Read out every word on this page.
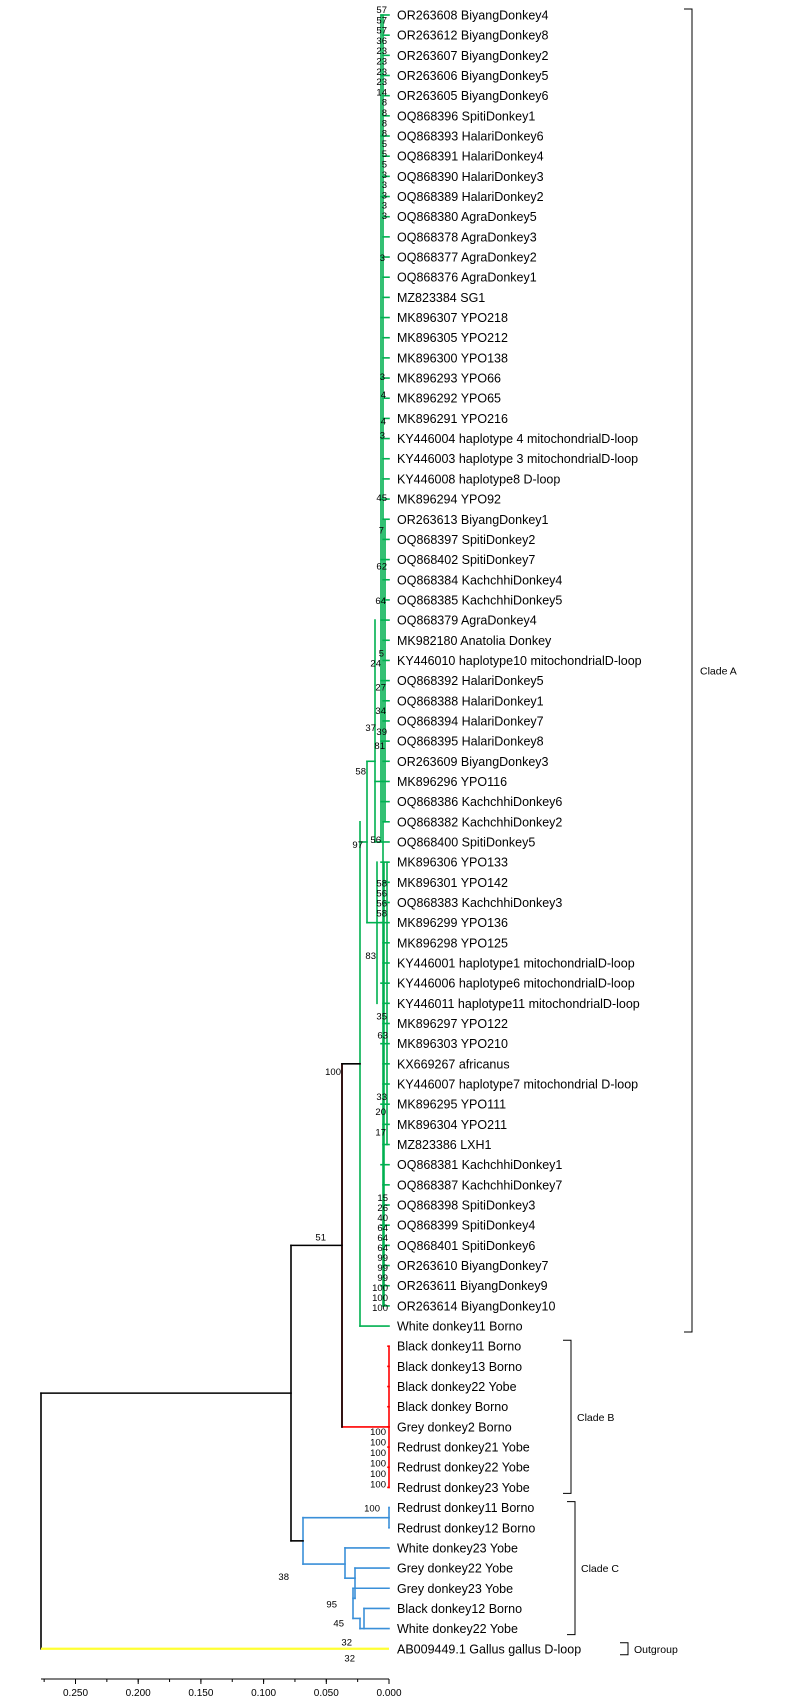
OR263608 BiyangDonkey4
OR263612 BiyangDonkey8
OR263607 BiyangDonkey2
OR263606 BiyangDonkey5
OR263605 BiyangDonkey6
OQ868396 SpitiDonkey1
OQ868393 HalariDonkey6
OQ868391 HalariDonkey4
OQ868390 HalariDonkey3
OQ868389 HalariDonkey2
OQ868380 AgraDonkey5
OQ868378 AgraDonkey3
OQ868377 AgraDonkey2
OQ868376 AgraDonkey1
MZ823384 SG1
MK896307 YPO218
MK896305 YPO212
MK896300 YPO138
MK896293 YPO66
MK896292 YPO65
MK896291 YPO216
KY446004 haplotype 4 mitochondrialD-loop
KY446003 haplotype 3 mitochondrialD-loop
KY446008 haplotype8 D-loop
MK896294 YPO92
OR263613 BiyangDonkey1
OQ868397 SpitiDonkey2
OQ868402 SpitiDonkey7
OQ868384 KachchhiDonkey4
OQ868385 KachchhiDonkey5
OQ868379 AgraDonkey4
MK982180 Anatolia Donkey
KY446010 haplotype10 mitochondrialD-loop
OQ868392 HalariDonkey5
OQ868388 HalariDonkey1
OQ868394 HalariDonkey7
OQ868395 HalariDonkey8
OR263609 BiyangDonkey3
MK896296 YPO116
OQ868386 KachchhiDonkey6
OQ868382 KachchhiDonkey2
OQ868400 SpitiDonkey5
MK896306 YPO133
MK896301 YPO142
OQ868383 KachchhiDonkey3
MK896299 YPO136
MK896298 YPO125
KY446001 haplotype1 mitochondrialD-loop
KY446006 haplotype6 mitochondrialD-loop
KY446011 haplotype11 mitochondrialD-loop
MK896297 YPO122
MK896303 YPO210
KX669267 africanus
KY446007 haplotype7 mitochondrial D-loop
MK896295 YPO111
MK896304 YPO211
MZ823386 LXH1
OQ868381 KachchhiDonkey1
OQ868387 KachchhiDonkey7
OQ868398 SpitiDonkey3
OQ868399 SpitiDonkey4
OQ868401 SpitiDonkey6
OR263610 BiyangDonkey7
OR263611 BiyangDonkey9
OR263614 BiyangDonkey10
White donkey11 Borno
Black donkey11 Borno
Black donkey13 Borno
Black donkey22 Yobe
Black donkey Borno
Grey donkey2 Borno
Redrust donkey21 Yobe
Redrust donkey22 Yobe
Redrust donkey23 Yobe
Redrust donkey11 Borno
Redrust donkey12 Borno
White donkey23 Yobe
Grey donkey22 Yobe
Grey donkey23 Yobe
Black donkey12 Borno
White donkey22 Yobe
AB009449.1 Gallus gallus D-loop
97
58
56
83
100
51
38
95
45
32
32
100
62
64
45
35
63
33
20
17
27
34
37 39
81
24
5
7
57
57
57
36
23
23
23
23
14
8
8
8
8
5
5
5
3
3
3
3
3
3
3
4
4
3
58
56
56
58
15
26
40
64
64
64
99
99
99
100
100
100
100
100
100
100
100
100
Clade A
Clade B
Clade C
Outgroup
0.250	0.200	0.150	0.100	0.050	0.000
